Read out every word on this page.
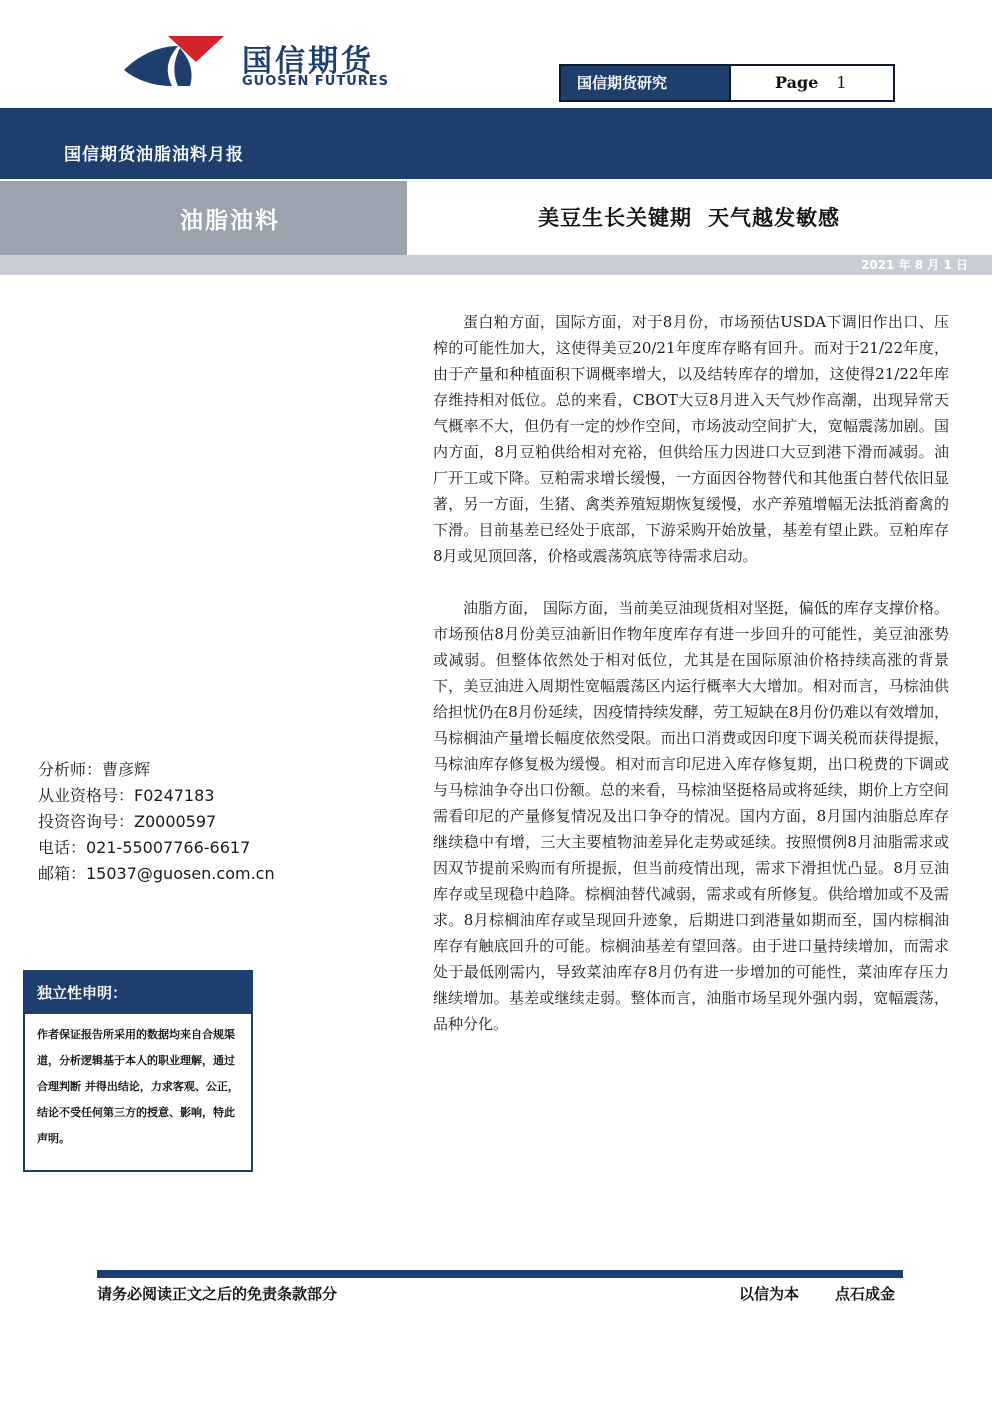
国信期货
GUOSEN FUTURES	国信期货研究	Page 1
国信期货油脂油料月报
油脂油料	美豆生长关键期 天气越发敏感
2021 年 8 月 1 日

蛋白粕方面，国际方面，对于8月份，市场预估USDA下调旧作出口、压榨的可能性加大，这使得美豆20/21年度库存略有回升。而对于21/22年度，由于产量和种植面积下调概率增大，以及结转库存的增加，这使得21/22年库存维持相对低位。总的来看，CBOT大豆8月进入天气炒作高潮，出现异常天气概率不大，但仍有一定的炒作空间，市场波动空间扩大，宽幅震荡加剧。国内方面，8月豆粕供给相对充裕，但供给压力因进口大豆到港下滑而减弱。油厂开工或下降。豆粕需求增长缓慢，一方面因谷物替代和其他蛋白替代依旧显著，另一方面，生猪、禽类养殖短期恢复缓慢，水产养殖增幅无法抵消畜禽的下滑。目前基差已经处于底部，下游采购开始放量，基差有望止跌。豆粕库存8月或见顶回落，价格或震荡筑底等待需求启动。

油脂方面， 国际方面，当前美豆油现货相对坚挺，偏低的库存支撑价格。市场预估8月份美豆油新旧作物年度库存有进一步回升的可能性，美豆油涨势或减弱。但整体依然处于相对低位，尤其是在国际原油价格持续高涨的背景下，美豆油进入周期性宽幅震荡区内运行概率大大增加。相对而言，马棕油供给担忧仍在8月份延续，因疫情持续发酵，劳工短缺在8月份仍难以有效增加，马棕榈油产量增长幅度依然受限。而出口消费或因印度下调关税而获得提振，马棕油库存修复极为缓慢。相对而言印尼进入库存修复期，出口税费的下调或与马棕油争夺出口份额。总的来看，马棕油坚挺格局或将延续，期价上方空间需看印尼的产量修复情况及出口争夺的情况。国内方面，8月国内油脂总库存继续稳中有增，三大主要植物油差异化走势或延续。按照惯例8月油脂需求或因双节提前采购而有所提振，但当前疫情出现，需求下滑担忧凸显。8月豆油库存或呈现稳中趋降。棕榈油替代减弱，需求或有所修复。供给增加或不及需求。8月棕榈油库存或呈现回升迹象，后期进口到港量如期而至，国内棕榈油库存有触底回升的可能。棕榈油基差有望回落。由于进口量持续增加，而需求处于最低刚需内，导致菜油库存8月仍有进一步增加的可能性，菜油库存压力继续增加。基差或继续走弱。整体而言，油脂市场呈现外强内弱，宽幅震荡，品种分化。

分析师：曹彦辉
从业资格号：F0247183
投资咨询号：Z0000597
电话：021-55007766-6617
邮箱：15037@guosen.com.cn
独立性申明：
作者保证报告所采用的数据均来自合规渠道，分析逻辑基于本人的职业理解，通过合理判断 并得出结论，力求客观、公正，结论不受任何第三方的授意、影响，特此声明。
请务必阅读正文之后的免责条款部分	以信为本 点石成金
